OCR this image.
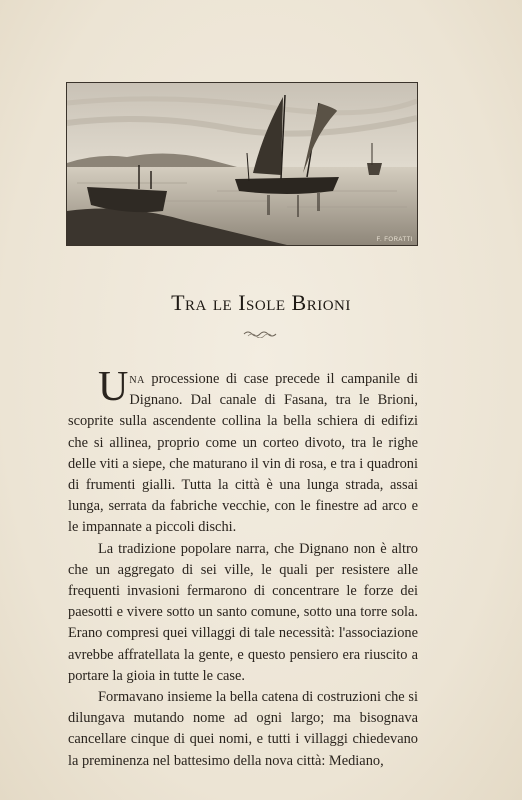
F. FORATTI
Tra le Isole Brioni

Una processione di case precede il campanile di Dignano. Dal canale di Fasana, tra le Brioni, scoprite sulla ascendente collina la bella schiera di edifizi che si allinea, proprio come un corteo divoto, tra le righe delle viti a siepe, che maturano il vin di rosa, e tra i quadroni di frumenti gialli. Tutta la città è una lunga strada, assai lunga, serrata da fabriche vecchie, con le finestre ad arco e le impannate a piccoli dischi.

La tradizione popolare narra, che Dignano non è altro che un aggregato di sei ville, le quali per resistere alle frequenti invasioni fermarono di concentrare le forze dei paesotti e vivere sotto un santo comune, sotto una torre sola. Erano compresi quei villaggi di tale necessità: l'associazione avrebbe affratellata la gente, e questo pensiero era riuscito a portare la gioia in tutte le case.

Formavano insieme la bella catena di costruzioni che si dilungava mutando nome ad ogni largo; ma bisognava cancellare cinque di quei nomi, e tutti i villaggi chiedevano la preminenza nel battesimo della nova città: Mediano,
